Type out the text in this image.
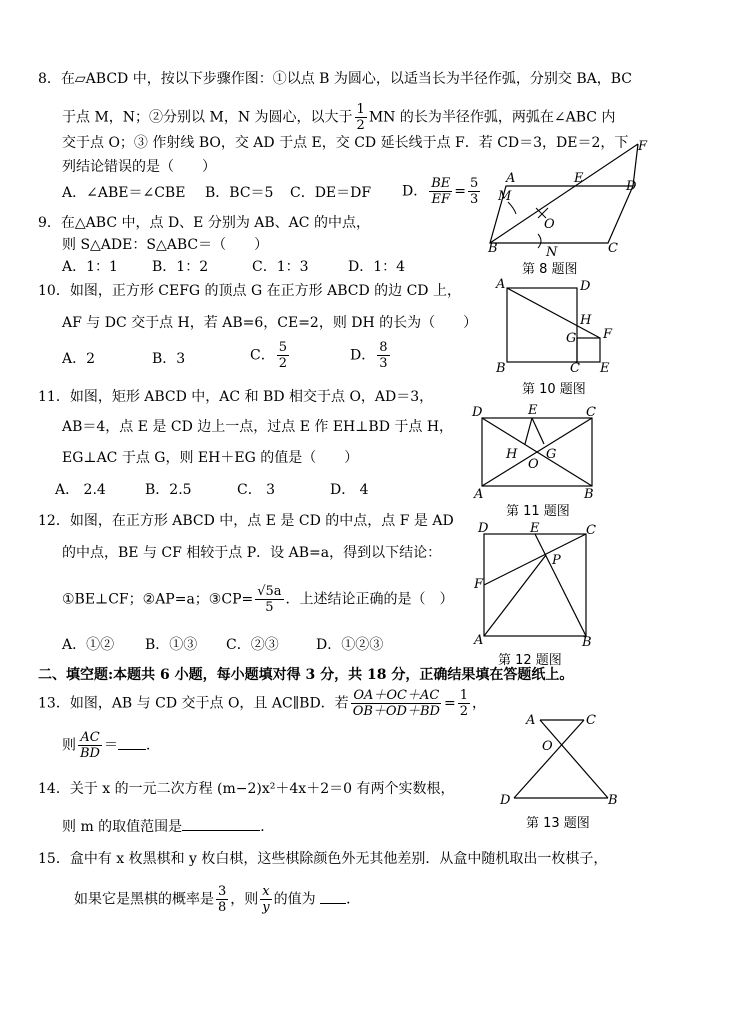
8．在▱ABCD 中，按以下步骤作图：①以点 B 为圆心，以适当长为半径作弧，分别交 BA，BC
于点 M，N；②分别以 M，N 为圆心，以大于 $\frac{1}{2}$ MN 的长为半径作弧，两弧在∠ABC 内
交于点 O；③ 作射线 BO，交 AD 于点 E，交 CD 延长线于点 F．若 CD＝3，DE＝2，下
列结论错误的是（　　）
A．∠ABE＝∠CBE B．BC＝5 C．DE＝DF D． $\frac{BE}{EF} = \frac{5}{3}$ A
M
E
D
F
O
B	N	C
第 8 题图
9．在△ABC 中，点 D、E 分别为 AB、AC 的中点，
则 S△ADE：S△ABC＝（　　）
A．1：1 B．1：2	C．1：3	D．1：4
10．如图，正方形 CEFG 的顶点 G 在正方形 ABCD 的边 CD 上，
AF 与 DC 交于点 H，若 AB=6，CE=2，则 DH 的长为（　　）
A．2	B．3	C． $\frac{5}{2}$	D． $\frac{8}{3}$
A	D
H
G F
B	C E
第 10 题图
11．如图，矩形 ABCD 中，AC 和 BD 相交于点 O，AD＝3，
AB＝4，点 E 是 CD 边上一点，过点 E 作 EH⊥BD 于点 H，
EG⊥AC 于点 G，则 EH＋EG 的值是（　　）
A． 2.4	B．2.5	C． 3	D． 4
D	E	C
H G
O
A	B
第 11 题图
12．如图，在正方形 ABCD 中，点 E 是 CD 的中点，点 F 是 AD
的中点，BE 与 CF 相较于点 P．设 AB=a，得到以下结论：
①BE⊥CF；②AP=a；③CP= $\frac{√5a}{5}$ ．上述结论正确的是（　）
A．①② B．①③ C．②③	D．①②③
D	E	C
P
F
A	B
第 12 题图
二、填空题:本题共 6 小题，每小题填对得 3 分，共 18 分，正确结果填在答题纸上。
13．如图，AB 与 CD 交于点 O，且 AC∥BD．若 $\frac{OA+OC+AC}{OB+OD+BD} = \frac{1}{2}$ ，
则 $\frac{AC}{BD}$ ＝ ．
A	C
O
D	B
第 13 题图
14．关于 x 的一元二次方程 (m−2)x²＋4x＋2＝0 有两个实数根，
则 m 的取值范围是	．
15．盒中有 x 枚黑棋和 y 枚白棋，这些棋除颜色外无其他差别．从盒中随机取出一枚棋子，
如果它是黑棋的概率是 $\frac{3}{8}$ ，则 $\frac{x}{y}$ 的值为 ．
